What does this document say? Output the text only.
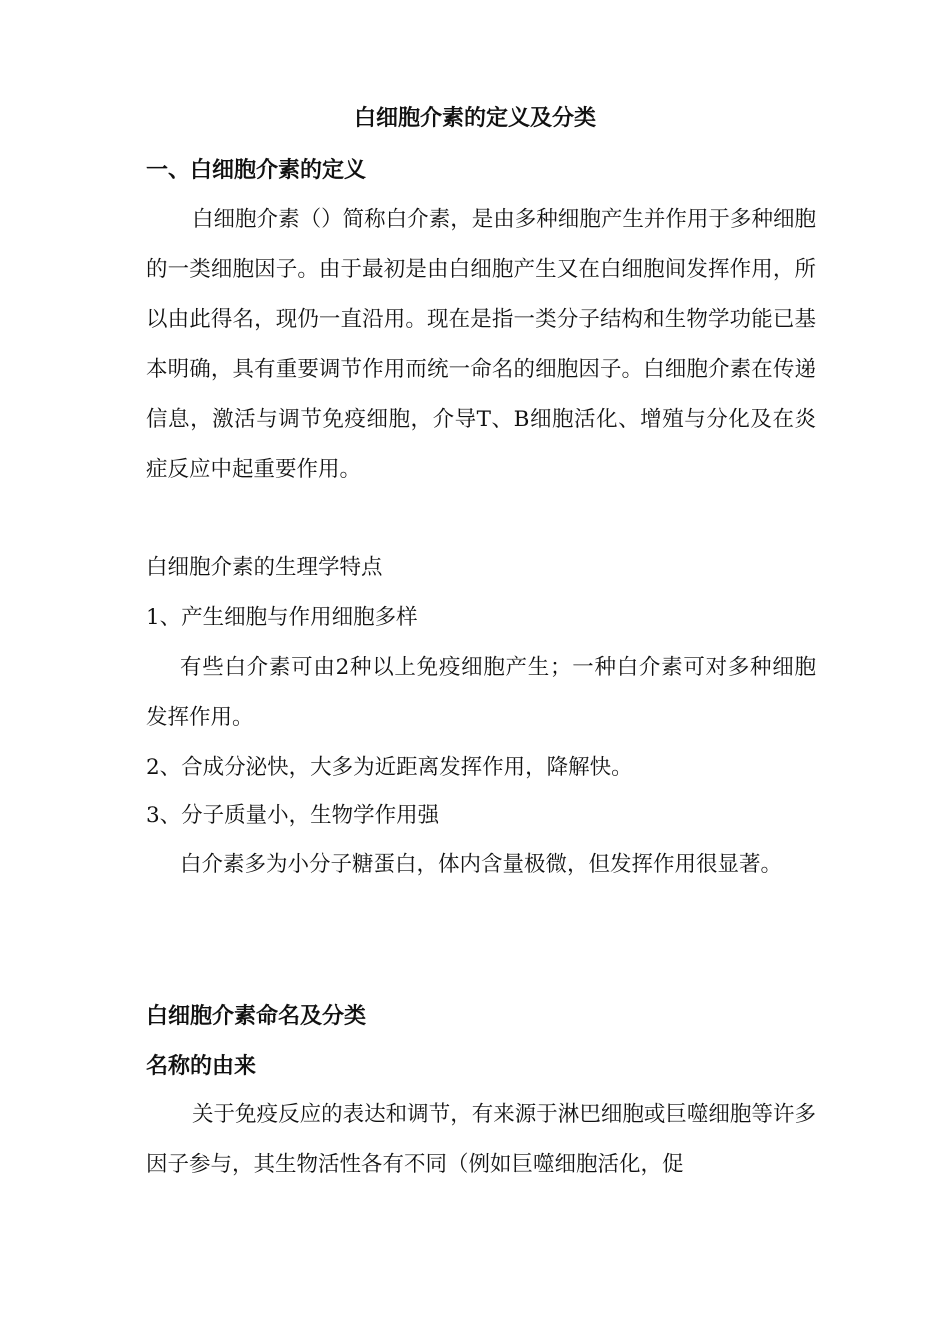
白细胞介素的定义及分类
一、白细胞介素的定义
白细胞介素（）简称白介素，是由多种细胞产生并作用于多种细胞的一类细胞因子。由于最初是由白细胞产生又在白细胞间发挥作用，所以由此得名，现仍一直沿用。现在是指一类分子结构和生物学功能已基本明确，具有重要调节作用而统一命名的细胞因子。白细胞介素在传递信息，激活与调节免疫细胞，介导T、B细胞活化、增殖与分化及在炎症反应中起重要作用。
白细胞介素的生理学特点
1、产生细胞与作用细胞多样
有些白介素可由2种以上免疫细胞产生；一种白介素可对多种细胞发挥作用。
2、合成分泌快，大多为近距离发挥作用，降解快。
3、分子质量小，生物学作用强
白介素多为小分子糖蛋白，体内含量极微，但发挥作用很显著。
白细胞介素命名及分类
名称的由来
关于免疫反应的表达和调节，有来源于淋巴细胞或巨噬细胞等许多因子参与，其生物活性各有不同（例如巨噬细胞活化，促
